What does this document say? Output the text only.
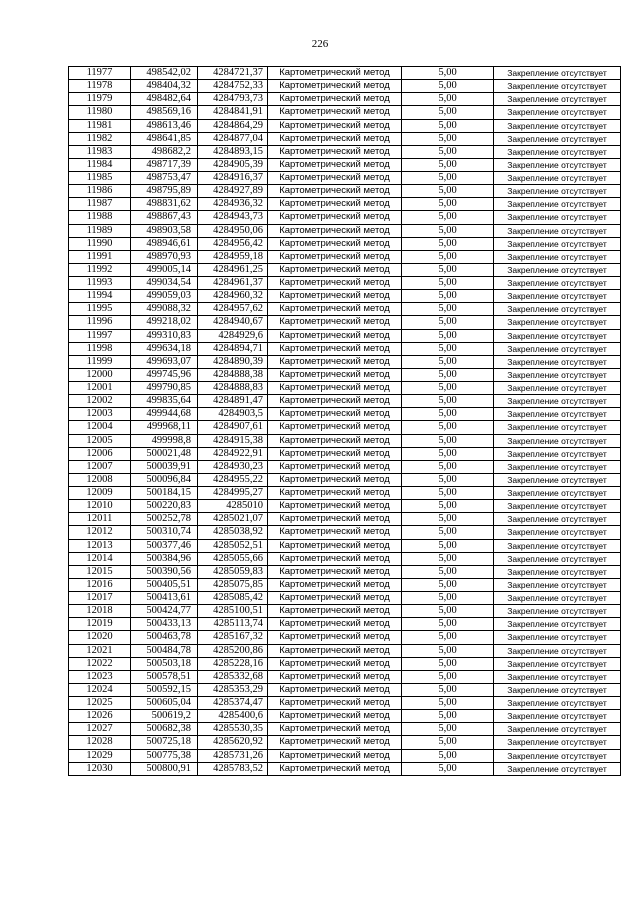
226
11977	498542,02	4284721,37	Картометрический метод	5,00	Закрепление отсутствует
11978	498404,32	4284752,33	Картометрический метод	5,00	Закрепление отсутствует
11979	498482,64	4284793,73	Картометрический метод	5,00	Закрепление отсутствует
11980	498569,16	4284841,91	Картометрический метод	5,00	Закрепление отсутствует
11981	498613,46	4284864,29	Картометрический метод	5,00	Закрепление отсутствует
11982	498641,85	4284877,04	Картометрический метод	5,00	Закрепление отсутствует
11983	498682,2	4284893,15	Картометрический метод	5,00	Закрепление отсутствует
11984	498717,39	4284905,39	Картометрический метод	5,00	Закрепление отсутствует
11985	498753,47	4284916,37	Картометрический метод	5,00	Закрепление отсутствует
11986	498795,89	4284927,89	Картометрический метод	5,00	Закрепление отсутствует
11987	498831,62	4284936,32	Картометрический метод	5,00	Закрепление отсутствует
11988	498867,43	4284943,73	Картометрический метод	5,00	Закрепление отсутствует
11989	498903,58	4284950,06	Картометрический метод	5,00	Закрепление отсутствует
11990	498946,61	4284956,42	Картометрический метод	5,00	Закрепление отсутствует
11991	498970,93	4284959,18	Картометрический метод	5,00	Закрепление отсутствует
11992	499005,14	4284961,25	Картометрический метод	5,00	Закрепление отсутствует
11993	499034,54	4284961,37	Картометрический метод	5,00	Закрепление отсутствует
11994	499059,03	4284960,32	Картометрический метод	5,00	Закрепление отсутствует
11995	499088,32	4284957,62	Картометрический метод	5,00	Закрепление отсутствует
11996	499218,02	4284940,67	Картометрический метод	5,00	Закрепление отсутствует
11997	499310,83	4284929,6	Картометрический метод	5,00	Закрепление отсутствует
11998	499634,18	4284894,71	Картометрический метод	5,00	Закрепление отсутствует
11999	499693,07	4284890,39	Картометрический метод	5,00	Закрепление отсутствует
12000	499745,96	4284888,38	Картометрический метод	5,00	Закрепление отсутствует
12001	499790,85	4284888,83	Картометрический метод	5,00	Закрепление отсутствует
12002	499835,64	4284891,47	Картометрический метод	5,00	Закрепление отсутствует
12003	499944,68	4284903,5	Картометрический метод	5,00	Закрепление отсутствует
12004	499968,11	4284907,61	Картометрический метод	5,00	Закрепление отсутствует
12005	499998,8	4284915,38	Картометрический метод	5,00	Закрепление отсутствует
12006	500021,48	4284922,91	Картометрический метод	5,00	Закрепление отсутствует
12007	500039,91	4284930,23	Картометрический метод	5,00	Закрепление отсутствует
12008	500096,84	4284955,22	Картометрический метод	5,00	Закрепление отсутствует
12009	500184,15	4284995,27	Картометрический метод	5,00	Закрепление отсутствует
12010	500220,83	4285010	Картометрический метод	5,00	Закрепление отсутствует
12011	500252,78	4285021,07	Картометрический метод	5,00	Закрепление отсутствует
12012	500310,74	4285038,92	Картометрический метод	5,00	Закрепление отсутствует
12013	500377,46	4285052,51	Картометрический метод	5,00	Закрепление отсутствует
12014	500384,96	4285055,66	Картометрический метод	5,00	Закрепление отсутствует
12015	500390,56	4285059,83	Картометрический метод	5,00	Закрепление отсутствует
12016	500405,51	4285075,85	Картометрический метод	5,00	Закрепление отсутствует
12017	500413,61	4285085,42	Картометрический метод	5,00	Закрепление отсутствует
12018	500424,77	4285100,51	Картометрический метод	5,00	Закрепление отсутствует
12019	500433,13	4285113,74	Картометрический метод	5,00	Закрепление отсутствует
12020	500463,78	4285167,32	Картометрический метод	5,00	Закрепление отсутствует
12021	500484,78	4285200,86	Картометрический метод	5,00	Закрепление отсутствует
12022	500503,18	4285228,16	Картометрический метод	5,00	Закрепление отсутствует
12023	500578,51	4285332,68	Картометрический метод	5,00	Закрепление отсутствует
12024	500592,15	4285353,29	Картометрический метод	5,00	Закрепление отсутствует
12025	500605,04	4285374,47	Картометрический метод	5,00	Закрепление отсутствует
12026	500619,2	4285400,6	Картометрический метод	5,00	Закрепление отсутствует
12027	500682,38	4285530,35	Картометрический метод	5,00	Закрепление отсутствует
12028	500725,18	4285620,92	Картометрический метод	5,00	Закрепление отсутствует
12029	500775,38	4285731,26	Картометрический метод	5,00	Закрепление отсутствует
12030	500800,91	4285783,52	Картометрический метод	5,00	Закрепление отсутствует
